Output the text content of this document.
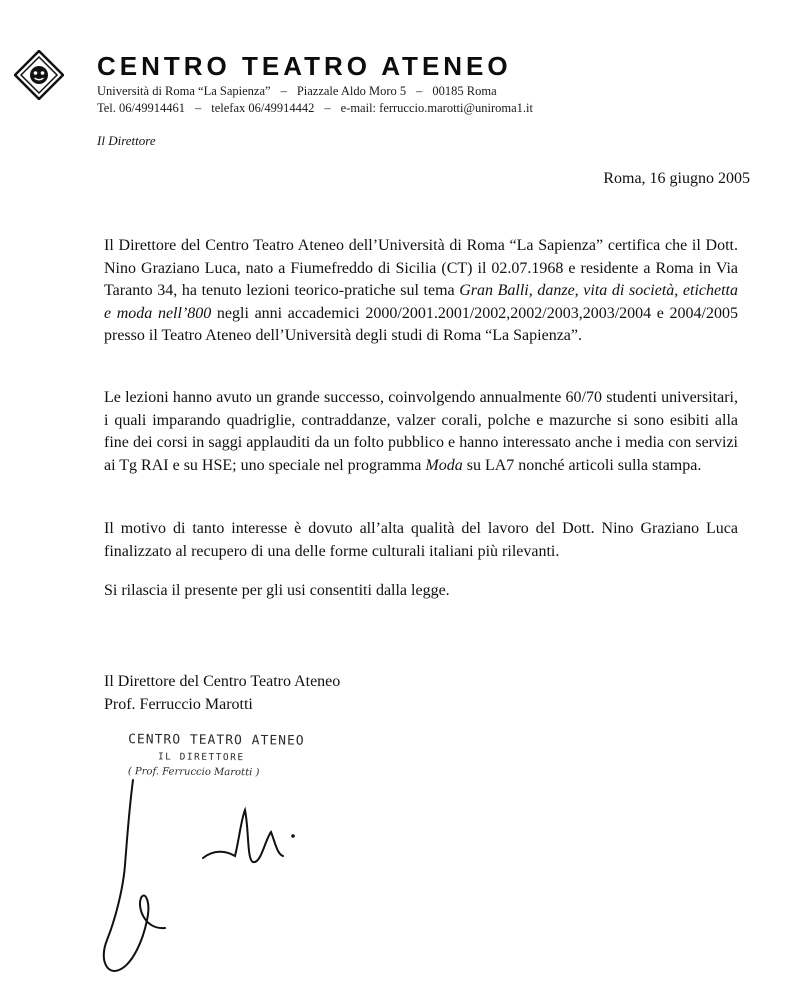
CENTRO TEATRO ATENEO
Università di Roma “La Sapienza” – Piazzale Aldo Moro 5 – 00185 Roma
Tel. 06/49914461 – telefax 06/49914442 – e-mail: ferruccio.marotti@uniroma1.it
Il Direttore
Roma, 16 giugno 2005

Il Direttore del Centro Teatro Ateneo dell’Università di Roma “La Sapienza” certifica che il Dott. Nino Graziano Luca, nato a Fiumefreddo di Sicilia (CT) il 02.07.1968 e residente a Roma in Via Taranto 34, ha tenuto lezioni teorico-pratiche sul tema Gran Balli, danze, vita di società, etichetta e moda nell’800 negli anni accademici 2000/2001.2001/2002,2002/2003,2003/2004 e 2004/2005 presso il Teatro Ateneo dell’Università degli studi di Roma “La Sapienza”.

Le lezioni hanno avuto un grande successo, coinvolgendo annualmente 60/70 studenti universitari, i quali imparando quadriglie, contraddanze, valzer corali, polche e mazurche si sono esibiti alla fine dei corsi in saggi applauditi da un folto pubblico e hanno interessato anche i media con servizi ai Tg RAI e su HSE; uno speciale nel programma Moda su LA7 nonché articoli sulla stampa.

Il motivo di tanto interesse è dovuto all’alta qualità del lavoro del Dott. Nino Graziano Luca finalizzato al recupero di una delle forme culturali italiani più rilevanti.

Si rilascia il presente per gli usi consentiti dalla legge.

Il Direttore del Centro Teatro Ateneo
Prof. Ferruccio Marotti
CENTRO TEATRO ATENEO
IL DIRETTORE
( Prof. Ferruccio Marotti )
